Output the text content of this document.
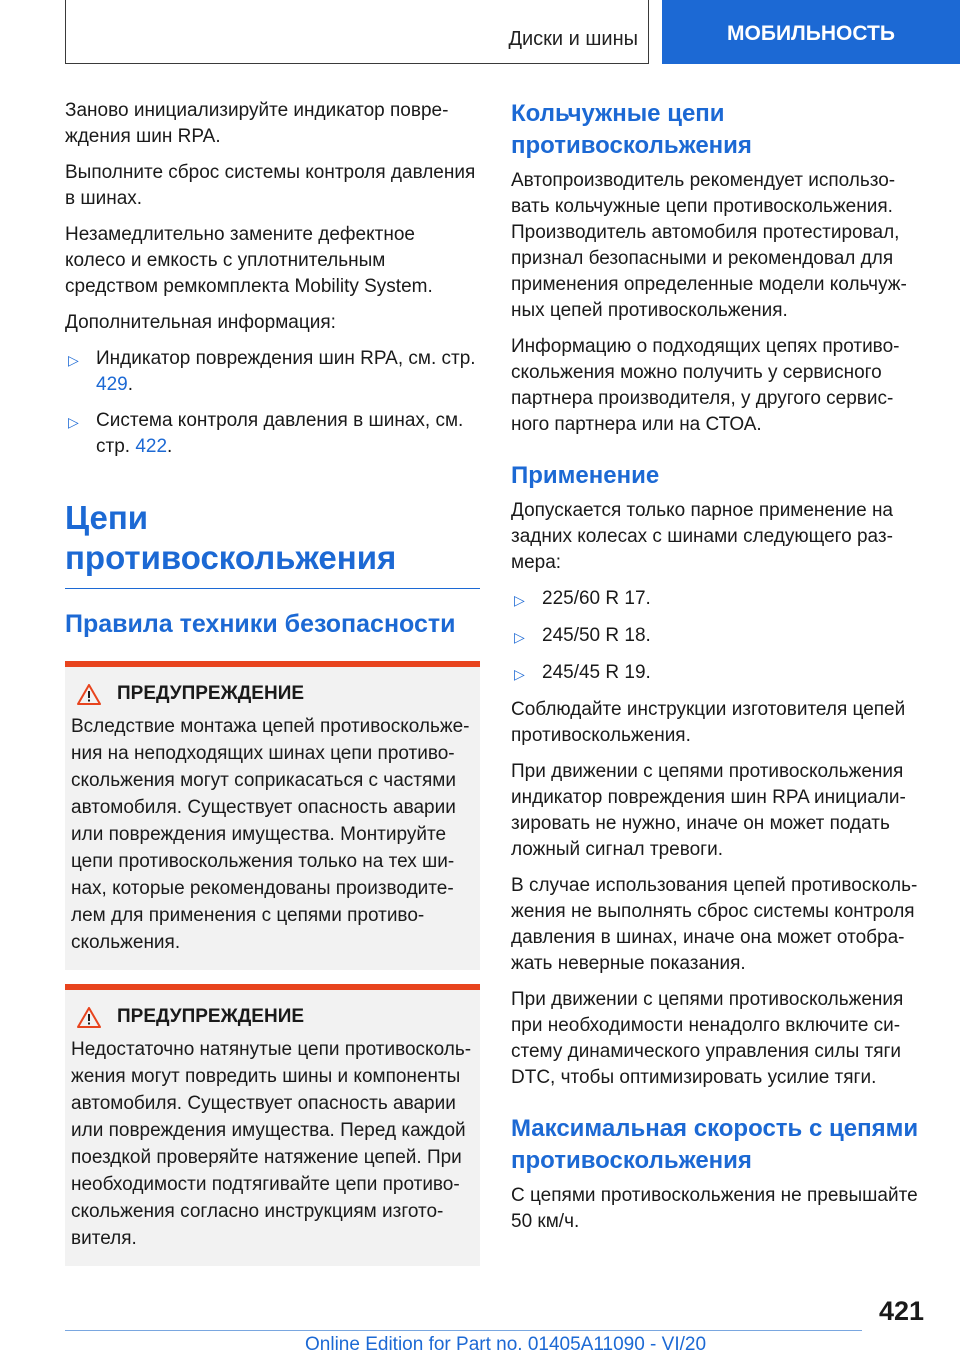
Диски и шины	МОБИЛЬНОСТЬ

Заново инициализируйте индикатор повре‐ ждения шин RPA.

Выполните сброс системы контроля давления в шинах.

Незамедлительно замените дефектное колесо и емкость с уплотнительным средством ремкомплекта Mobility System.

Дополнительная информация:

▷ Индикатор повреждения шин RPA, см. стр. 429.
▷ Система контроля давления в шинах, см. стр. 422.
Цепи противоскольжения
Правила техники безопасности
ПРЕДУПРЕЖДЕНИЕ

Вследствие монтажа цепей противоскольже‐ ния на неподходящих шинах цепи противо‐ скольжения могут соприкасаться с частями автомобиля. Существует опасность аварии или повреждения имущества. Монтируйте цепи противоскольжения только на тех ши‐ нах, которые рекомендованы производите‐ лем для применения с цепями противо‐ скольжения.

ПРЕДУПРЕЖДЕНИЕ

Недостаточно натянутые цепи противосколь‐ жения могут повредить шины и компоненты автомобиля. Существует опасность аварии или повреждения имущества. Перед каждой поездкой проверяйте натяжение цепей. При необходимости подтягивайте цепи противо‐ скольжения согласно инструкциям изгото‐ вителя.

Кольчужные цепи противоскольжения

Автопроизводитель рекомендует использо‐ вать кольчужные цепи противоскольжения. Производитель автомобиля протестировал, признал безопасными и рекомендовал для применения определенные модели кольчуж‐ ных цепей противоскольжения.

Информацию о подходящих цепях противо‐ скольжения можно получить у сервисного партнера производителя, у другого сервис‐ ного партнера или на СТОА.

Применение

Допускается только парное применение на задних колесах с шинами следующего раз‐ мера:

▷ 225/60 R 17.
▷ 245/50 R 18.
▷ 245/45 R 19.

Соблюдайте инструкции изготовителя цепей противоскольжения.

При движении с цепями противоскольжения индикатор повреждения шин RPA инициали‐ зировать не нужно, иначе он может подать ложный сигнал тревоги.

В случае использования цепей противосколь‐ жения не выполнять сброс системы контроля давления в шинах, иначе она может отобра‐ жать неверные показания.

При движении с цепями противоскольжения при необходимости ненадолго включите си‐ стему динамического управления силы тяги DTC, чтобы оптимизировать усилие тяги.

Максимальная скорость с цепями противоскольжения

С цепями противоскольжения не превышайте 50 км/ч.

421
Online Edition for Part no. 01405A11090 - VI/20
